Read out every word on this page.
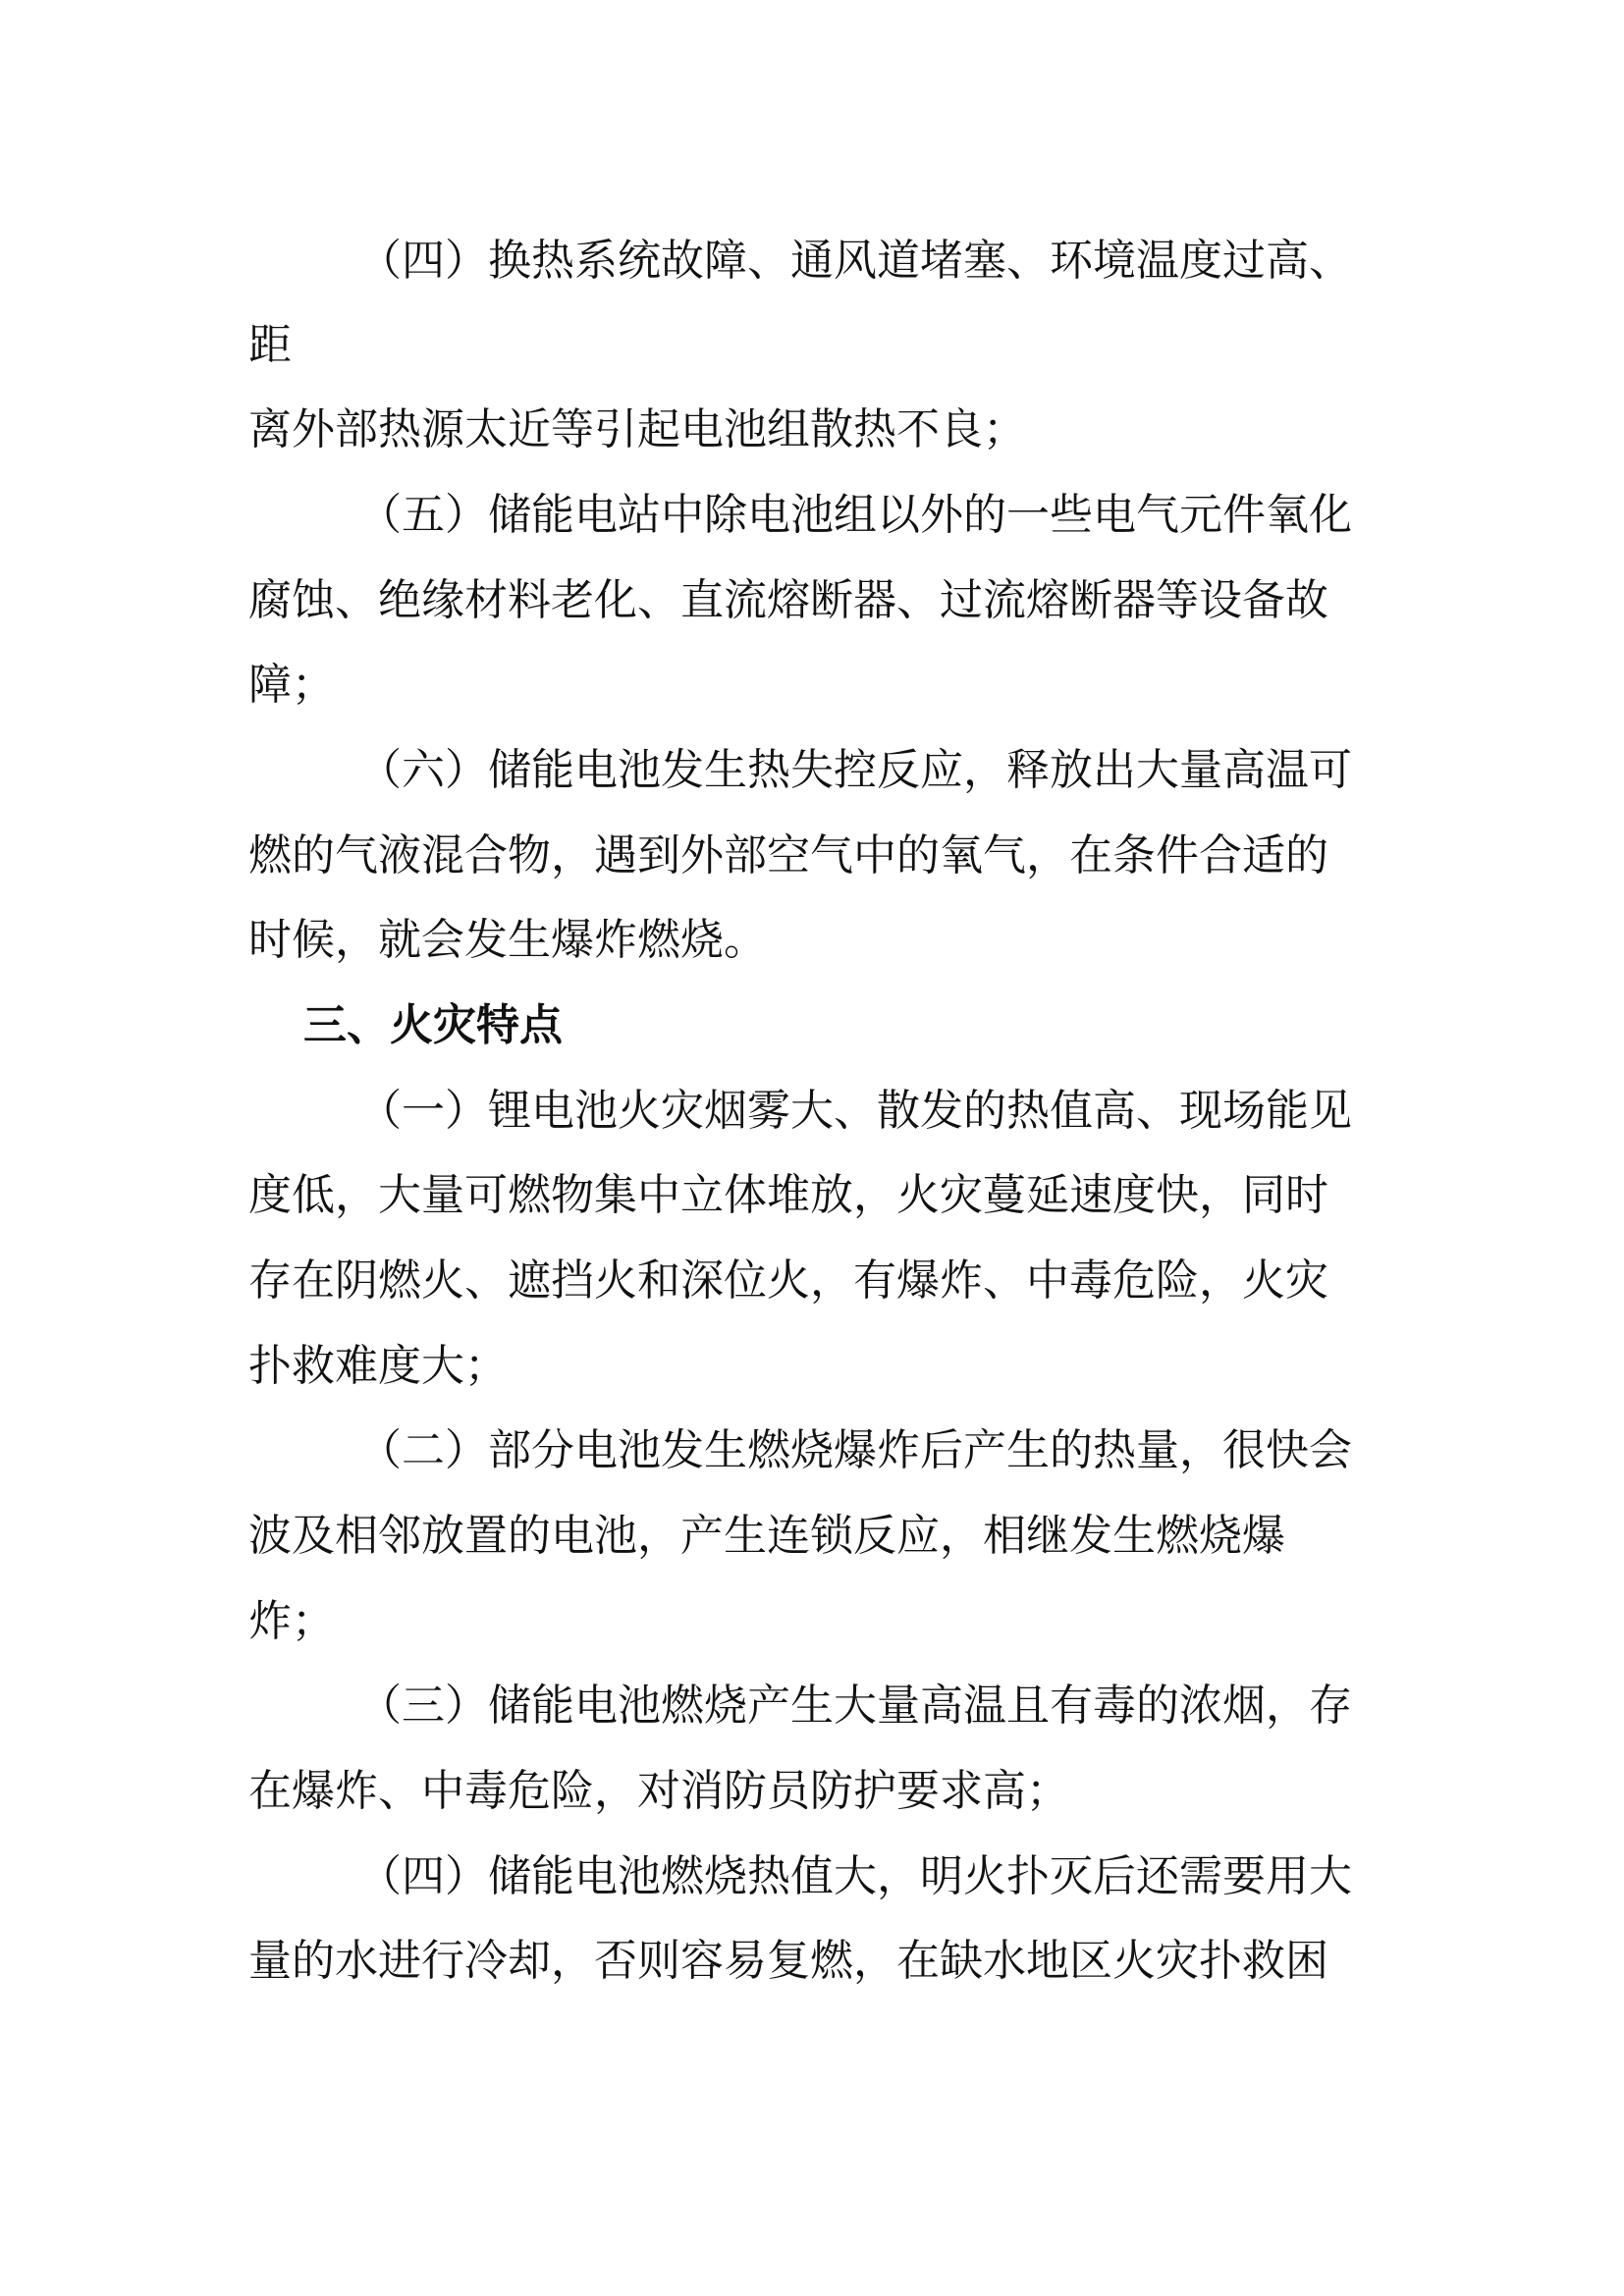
（四）换热系统故障、通风道堵塞、环境温度过高、
距
离外部热源太近等引起电池组散热不良；
（五）储能电站中除电池组以外的一些电气元件氧化
腐蚀、绝缘材料老化、直流熔断器、过流熔断器等设备故
障；
（六）储能电池发生热失控反应，释放出大量高温可
燃的气液混合物，遇到外部空气中的氧气，在条件合适的
时候，就会发生爆炸燃烧。
三、火灾特点
（一）锂电池火灾烟雾大、散发的热值高、现场能见
度低，大量可燃物集中立体堆放，火灾蔓延速度快，同时
存在阴燃火、遮挡火和深位火，有爆炸、中毒危险，火灾
扑救难度大；
（二）部分电池发生燃烧爆炸后产生的热量，很快会
波及相邻放置的电池，产生连锁反应，相继发生燃烧爆
炸；
（三）储能电池燃烧产生大量高温且有毒的浓烟，存
在爆炸、中毒危险，对消防员防护要求高；
（四）储能电池燃烧热值大，明火扑灭后还需要用大
量的水进行冷却，否则容易复燃，在缺水地区火灾扑救困
